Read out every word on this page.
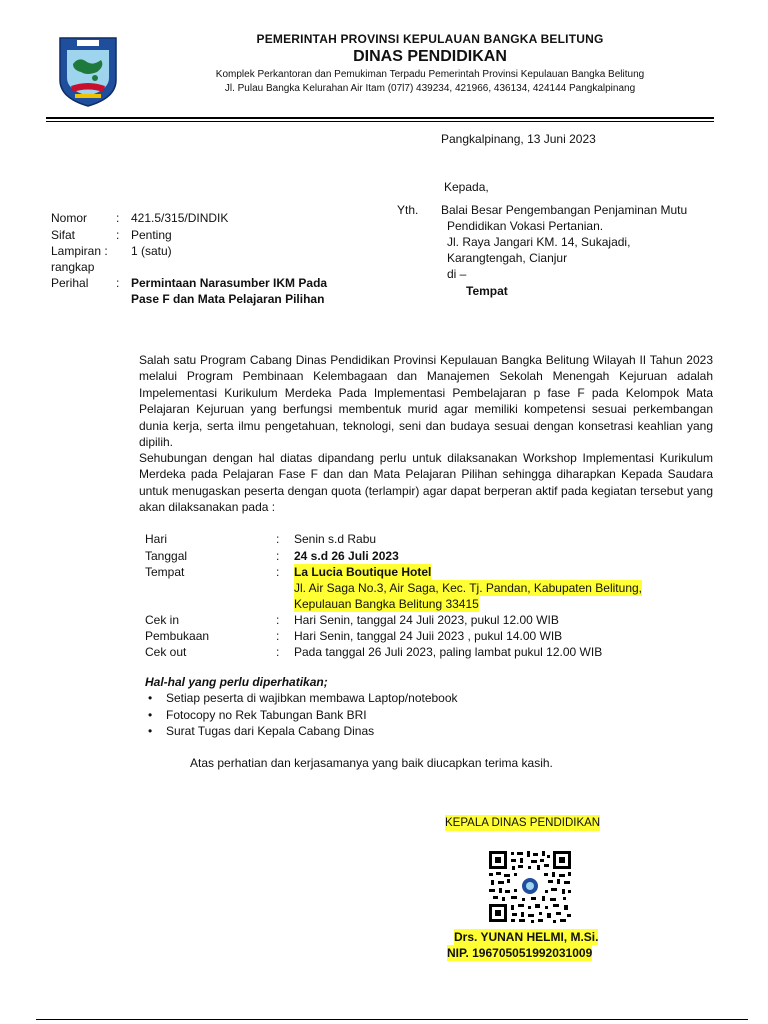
PEMERINTAH PROVINSI KEPULAUAN BANGKA BELITUNG
DINAS PENDIDIKAN
Komplek Perkantoran dan Pemukiman Terpadu Pemerintah Provinsi Kepulauan Bangka Belitung
Jl. Pulau Bangka Kelurahan Air Itam (07l7) 439234, 421966, 436134, 424144 Pangkalpinang
Pangkalpinang, 13 Juni 2023
Kepada,
Yth. Balai Besar Pengembangan Penjaminan Mutu
Pendidikan Vokasi Pertanian.
Jl. Raya Jangari KM. 14, Sukajadi,
Karangtengah, Cianjur
di –
Tempat
Nomor : 421.5/315/DINDIK
Sifat	: Penting
Lampiran : 1 (satu)
rangkap
Perihal : Permintaan Narasumber IKM Pada
Pase F dan Mata Pelajaran Pilihan
Salah satu Program Cabang Dinas Pendidikan Provinsi Kepulauan Bangka Belitung Wilayah II Tahun 2023 melalui Program Pembinaan Kelembagaan dan Manajemen Sekolah Menengah Kejuruan adalah Impelementasi Kurikulum Merdeka Pada Implementasi Pembelajaran p fase F pada Kelompok Mata Pelajaran Kejuruan yang berfungsi membentuk murid agar memiliki kompetensi sesuai perkembangan dunia kerja, serta ilmu pengetahuan, teknologi, seni dan budaya sesuai dengan konsetrasi keahlian yang dipilih.
Sehubungan dengan hal diatas dipandang perlu untuk dilaksanakan Workshop Implementasi Kurikulum Merdeka pada Pelajaran Fase F dan dan Mata Pelajaran Pilihan sehingga diharapkan Kepada Saudara untuk menugaskan peserta dengan quota (terlampir) agar dapat berperan aktif pada kegiatan tersebut yang akan dilaksanakan pada :
Hari	: Senin s.d Rabu
Tanggal	: 24 s.d 26 Juli 2023
Tempat	: La Lucia Boutique Hotel
Jl. Air Saga No.3, Air Saga, Kec. Tj. Pandan, Kabupaten Belitung,
Kepulauan Bangka Belitung 33415
Cek in	: Hari Senin, tanggal 24 Juli 2023, pukul 12.00 WIB
Pembukaan	: Hari Senin, tanggal 24 Juii 2023 , pukul 14.00 WIB
Cek out	: Pada tanggal 26 Juli 2023, paling lambat pukul 12.00 WIB
Hal-hal yang perlu diperhatikan;
• Setiap peserta di wajibkan membawa Laptop/notebook
• Fotocopy no Rek Tabungan Bank BRI
• Surat Tugas dari Kepala Cabang Dinas
Atas perhatian dan kerjasamanya yang baik diucapkan terima kasih.
KEPALA DINAS PENDIDIKAN
Drs. YUNAN HELMI, M.Si.
NIP. 196705051992031009
